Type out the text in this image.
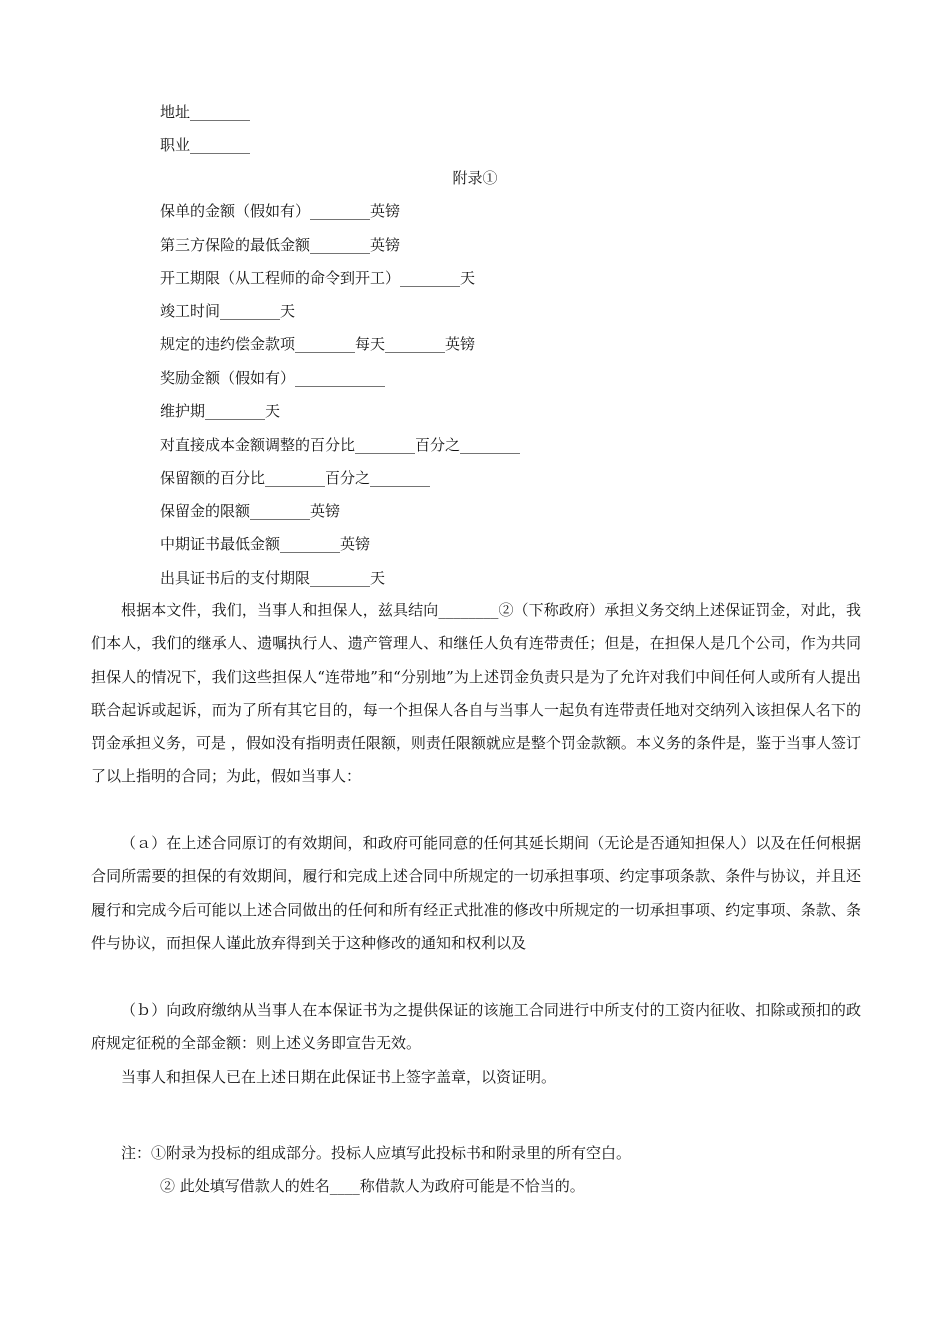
地址________
职业________
附录①
保单的金额（假如有）________英镑
第三方保险的最低金额________英镑
开工期限（从工程师的命令到开工）________天
竣工时间________天
规定的违约偿金款项________每天________英镑
奖励金额（假如有）____________
维护期________天
对直接成本金额调整的百分比________百分之________
保留额的百分比________百分之________
保留金的限额________英镑
中期证书最低金额________英镑
出具证书后的支付期限________天

根据本文件，我们，当事人和担保人，兹具结向________②（下称政府）承担义务交纳上述保证罚金，对此，我们本人，我们的继承人、遗嘱执行人、遗产管理人、和继任人负有连带责任；但是，在担保人是几个公司，作为共同担保人的情况下，我们这些担保人“连带地”和“分别地”为上述罚金负责只是为了允许对我们中间任何人或所有人提出联合起诉或起诉，而为了所有其它目的，每一个担保人各自与当事人一起负有连带责任地对交纳列入该担保人名下的罚金承担义务，可是 ，假如没有指明责任限额，则责任限额就应是整个罚金款额。本义务的条件是，鉴于当事人签订了以上指明的合同；为此，假如当事人：

（ａ）在上述合同原订的有效期间，和政府可能同意的任何其延长期间（无论是否通知担保人）以及在任何根据合同所需要的担保的有效期间，履行和完成上述合同中所规定的一切承担事项、约定事项条款、条件与协议，并且还履行和完成今后可能以上述合同做出的任何和所有经正式批准的修改中所规定的一切承担事项、约定事项、条款、条件与协议，而担保人谨此放弃得到关于这种修改的通知和权利以及

（ｂ）向政府缴纳从当事人在本保证书为之提供保证的该施工合同进行中所支付的工资内征收、扣除或预扣的政府规定征税的全部金额：则上述义务即宣告无效。

当事人和担保人已在上述日期在此保证书上签字盖章，以资证明。

注：①附录为投标的组成部分。投标人应填写此投标书和附录里的所有空白。
② 此处填写借款人的姓名____称借款人为政府可能是不恰当的。
